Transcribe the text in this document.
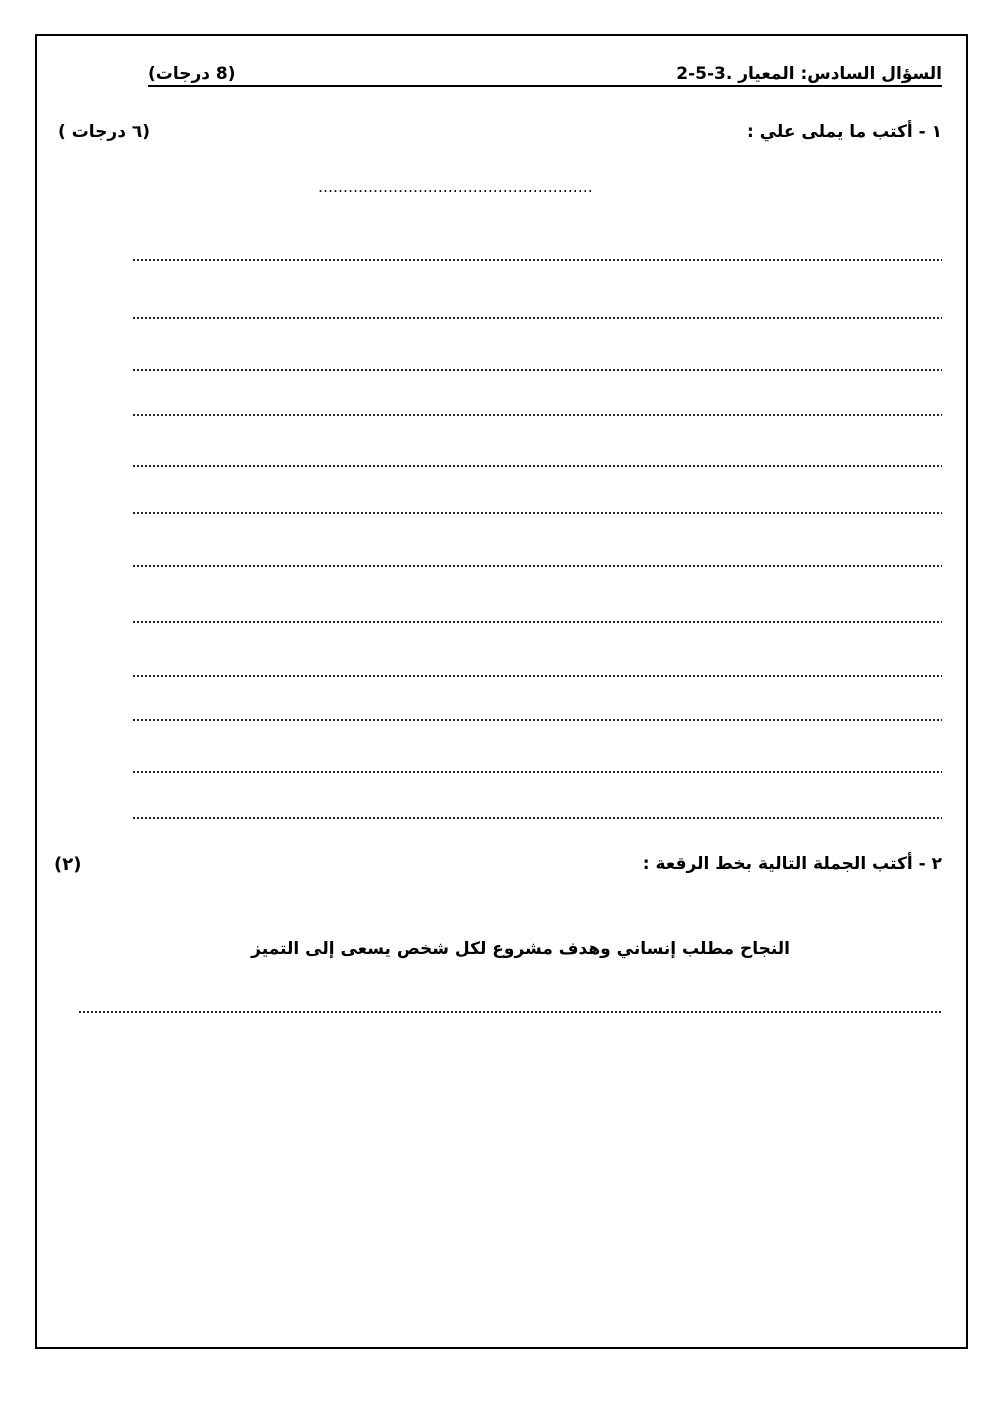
السؤال السادس: المعيار 2-5-3.
(8 درجات)
١ - أكتب ما يملى علي :
(٦ درجات )
………………….……………………………
٢ - أكتب الجملة التالية بخط الرقعة :
(٢)
النجاح مطلب إنساني وهدف مشروع لكل شخص يسعى إلى التميز
